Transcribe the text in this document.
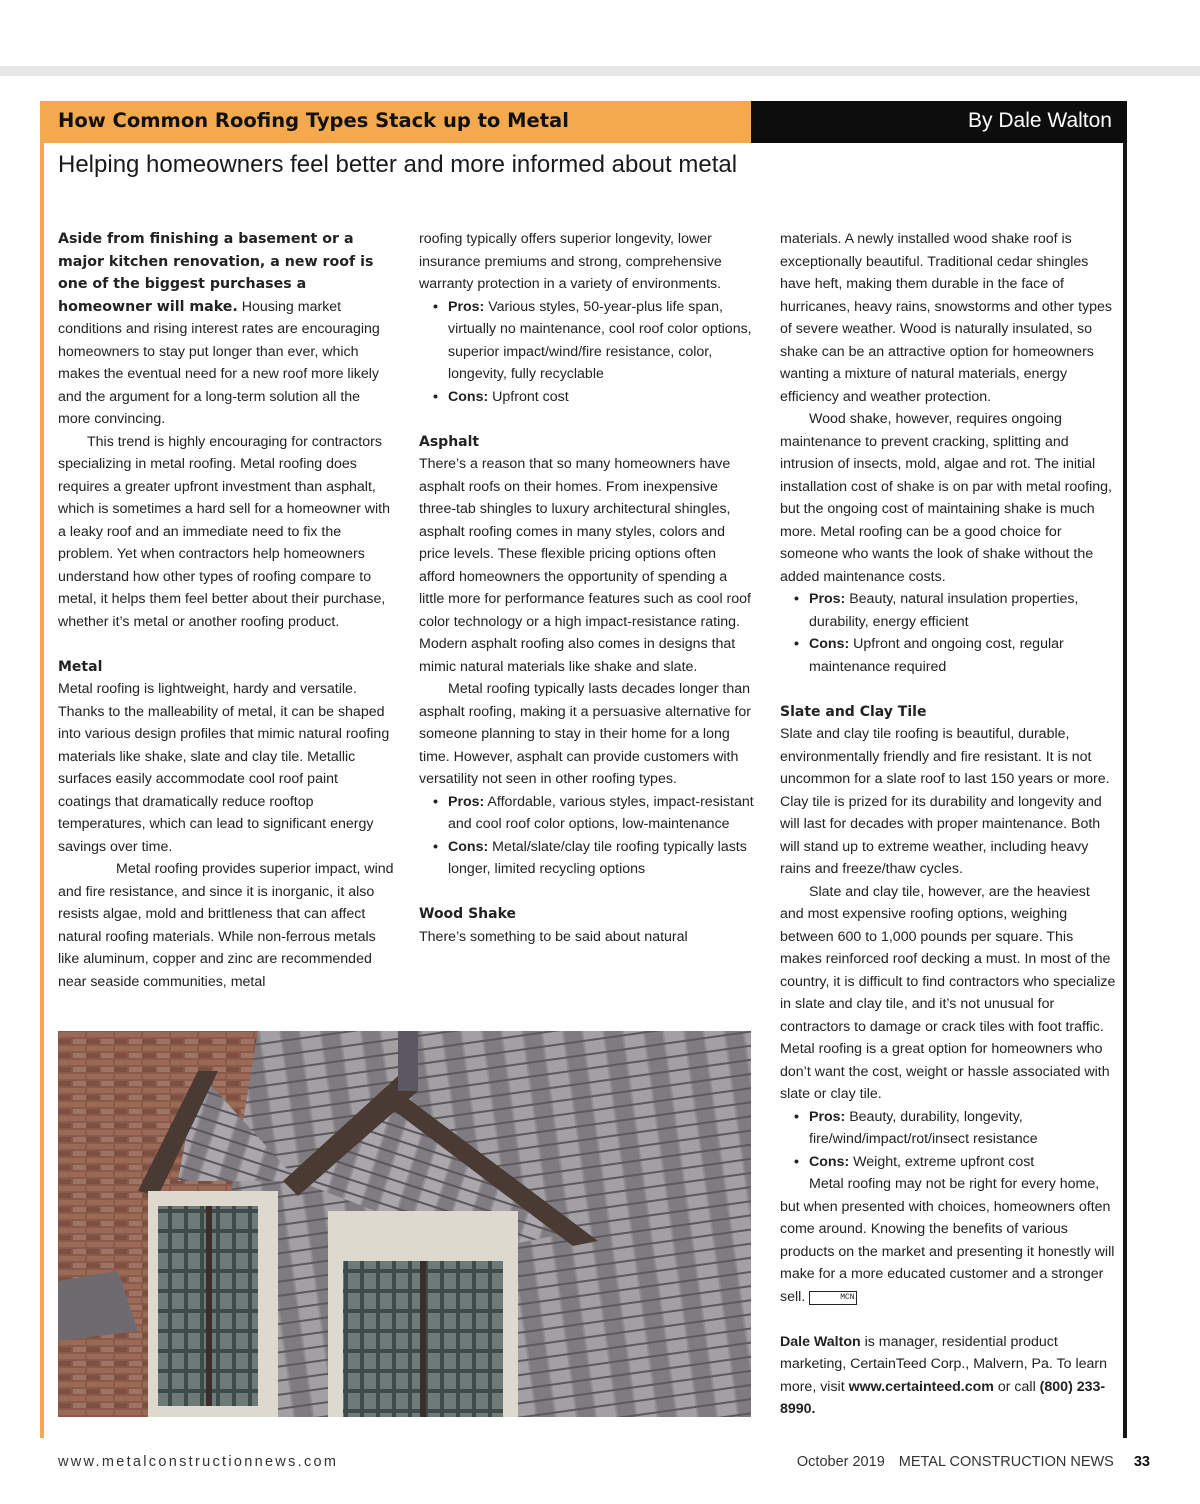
How Common Roofing Types Stack up to Metal	By Dale Walton
Helping homeowners feel better and more informed about metal

Aside from finishing a basement or a major kitchen renovation, a new roof is one of the biggest purchases a homeowner will make. Housing market conditions and rising interest rates are encouraging homeowners to stay put longer than ever, which makes the eventual need for a new roof more likely and the argument for a long-term solution all the more convincing.

This trend is highly encouraging for contractors specializing in metal roofing. Metal roofing does requires a greater upfront investment than asphalt, which is sometimes a hard sell for a homeowner with a leaky roof and an immediate need to fix the problem. Yet when contractors help homeowners understand how other types of roofing compare to metal, it helps them feel better about their purchase, whether it’s metal or another roofing product.

Metal

Metal roofing is lightweight, hardy and versatile. Thanks to the malleability of metal, it can be shaped into various design profiles that mimic natural roofing materials like shake, slate and clay tile. Metallic surfaces easily accommodate cool roof paint coatings that dramatically reduce rooftop temperatures, which can lead to significant energy savings over time.

Metal roofing provides superior impact, wind and fire resistance, and since it is inorganic, it also resists algae, mold and brittleness that can affect natural roofing materials. While non-ferrous metals like aluminum, copper and zinc are recommended near seaside communities, metal

roofing typically offers superior longevity, lower insurance premiums and strong, comprehensive warranty protection in a variety of environments.

• Pros: Various styles, 50-year-plus life span, virtually no maintenance, cool roof color options, superior impact/wind/fire resistance, color, longevity, fully recyclable
• Cons: Upfront cost

Asphalt

There’s a reason that so many homeowners have asphalt roofs on their homes. From inexpensive three-tab shingles to luxury architectural shingles, asphalt roofing comes in many styles, colors and price levels. These flexible pricing options often afford homeowners the opportunity of spending a little more for performance features such as cool roof color technology or a high impact-resistance rating. Modern asphalt roofing also comes in designs that mimic natural materials like shake and slate.

Metal roofing typically lasts decades longer than asphalt roofing, making it a persuasive alternative for someone planning to stay in their home for a long time. However, asphalt can provide customers with versatility not seen in other roofing types.

• Pros: Affordable, various styles, impact-resistant and cool roof color options, low-maintenance
• Cons: Metal/slate/clay tile roofing typically lasts longer, limited recycling options

Wood Shake

There’s something to be said about natural

materials. A newly installed wood shake roof is exceptionally beautiful. Traditional cedar shingles have heft, making them durable in the face of hurricanes, heavy rains, snowstorms and other types of severe weather. Wood is naturally insulated, so shake can be an attractive option for homeowners wanting a mixture of natural materials, energy efficiency and weather protection.

Wood shake, however, requires ongoing maintenance to prevent cracking, splitting and intrusion of insects, mold, algae and rot. The initial installation cost of shake is on par with metal roofing, but the ongoing cost of maintaining shake is much more. Metal roofing can be a good choice for someone who wants the look of shake without the added maintenance costs.

• Pros: Beauty, natural insulation properties, durability, energy efficient
• Cons: Upfront and ongoing cost, regular maintenance required

Slate and Clay Tile

Slate and clay tile roofing is beautiful, durable, environmentally friendly and fire resistant. It is not uncommon for a slate roof to last 150 years or more. Clay tile is prized for its durability and longevity and will last for decades with proper maintenance. Both will stand up to extreme weather, including heavy rains and freeze/thaw cycles.

Slate and clay tile, however, are the heaviest and most expensive roofing options, weighing between 600 to 1,000 pounds per square. This makes reinforced roof decking a must. In most of the country, it is difficult to find contractors who specialize in slate and clay tile, and it’s not unusual for contractors to damage or crack tiles with foot traffic. Metal roofing is a great option for homeowners who don’t want the cost, weight or hassle associated with slate or clay tile.

• Pros: Beauty, durability, longevity, fire/wind/impact/rot/insect resistance
• Cons: Weight, extreme upfront cost

Metal roofing may not be right for every home, but when presented with choices, homeowners often come around. Knowing the benefits of various products on the market and presenting it honestly will make for a more educated customer and a stronger sell.	MCN

Dale Walton is manager, residential product marketing, CertainTeed Corp., Malvern, Pa. To learn more, visit www.certainteed.com or call (800) 233-8990.

www.metalconstructionnews.com	October 2019 METAL CONSTRUCTION NEWS 33
